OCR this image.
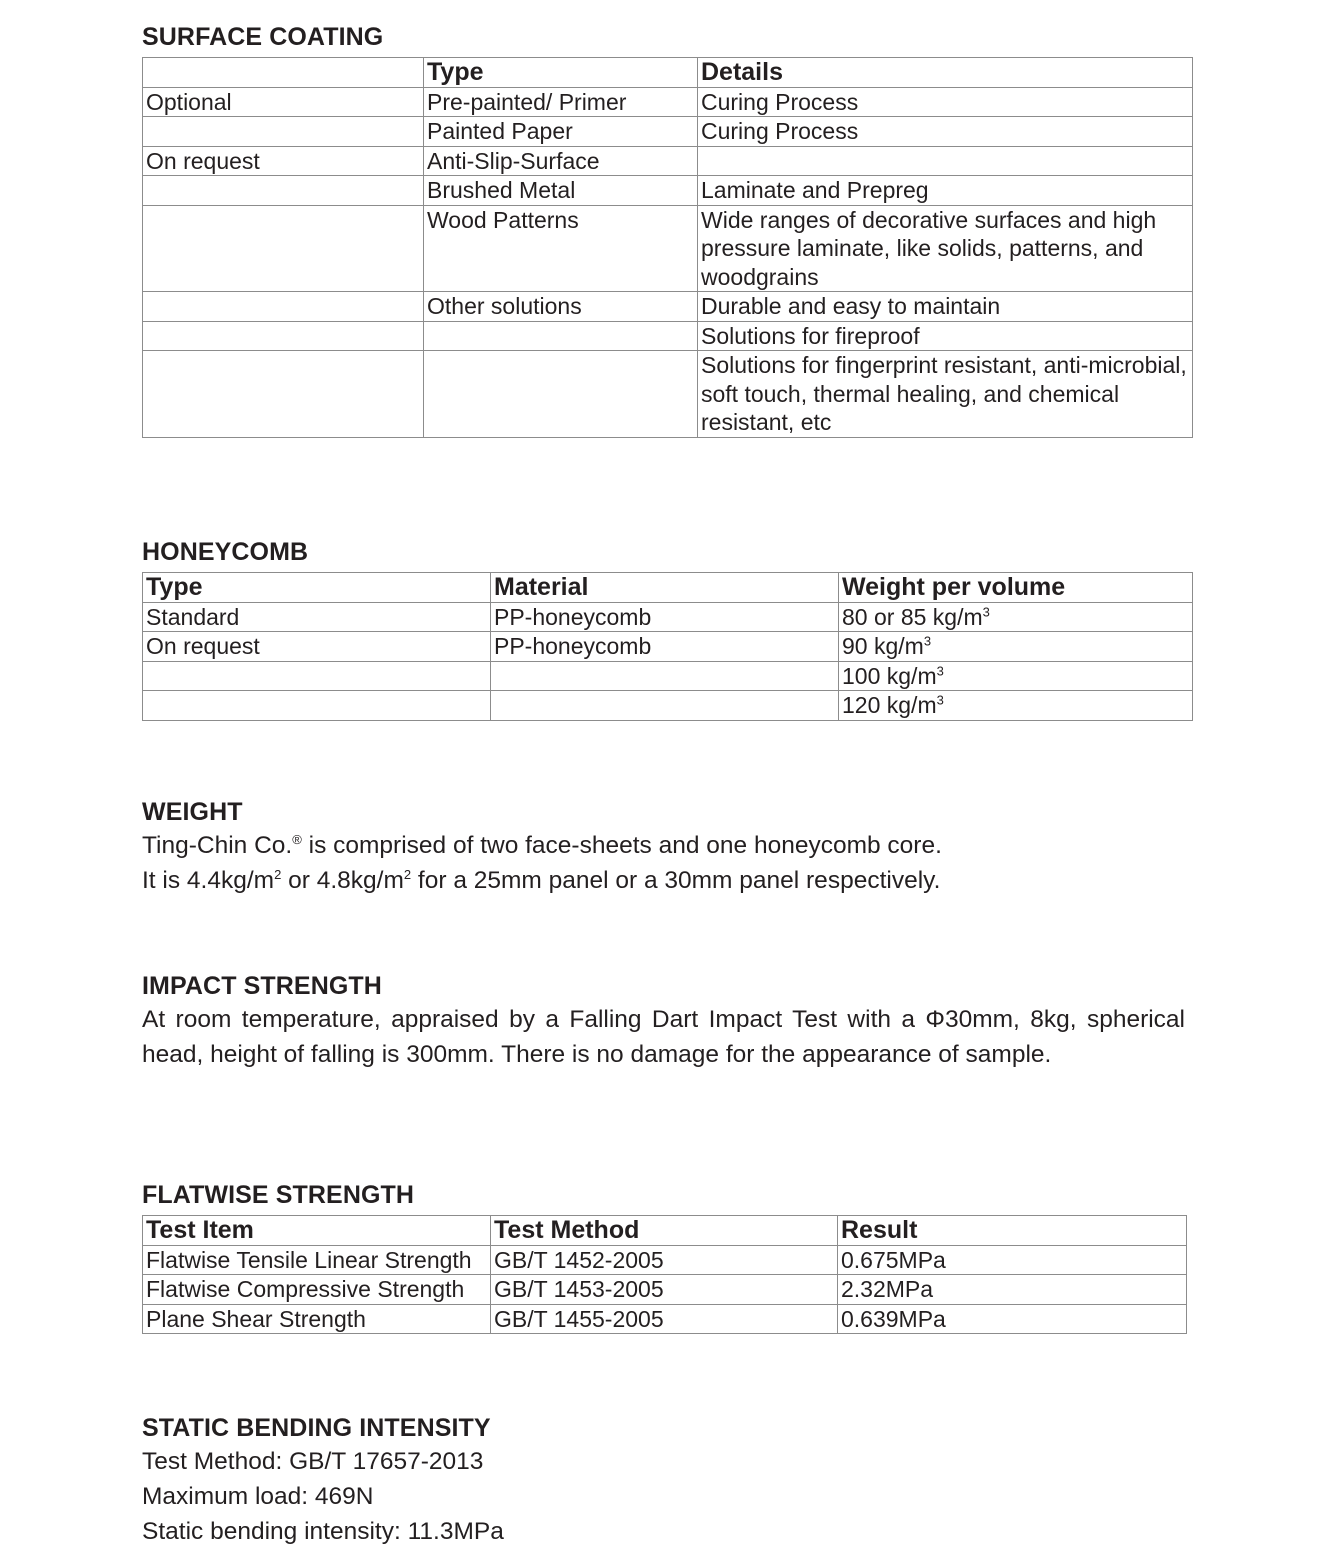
SURFACE COATING
	Type	Details
Optional	Pre-painted/ Primer	Curing Process
	Painted Paper	Curing Process
On request	Anti-Slip-Surface	
	Brushed Metal	Laminate and Prepreg
	Wood Patterns	Wide ranges of decorative surfaces and high pressure laminate, like solids, patterns, and woodgrains
	Other solutions	Durable and easy to maintain
		Solutions for fireproof
		Solutions for fingerprint resistant, anti-microbial, soft touch, thermal healing, and chemical resistant, etc
HONEYCOMB
Type	Material	Weight per volume
Standard	PP-honeycomb	80 or 85 $kg/m^3$
On request	PP-honeycomb	90 $kg/m^3$
		100 $kg/m^3$
		120 $kg/m^3$
WEIGHT

Ting-Chin Co.® is comprised of two face-sheets and one honeycomb core.

It is $4.4kg/m^2$ or $4.8kg/m^2$ for a 25mm panel or a 30mm panel respectively.

IMPACT STRENGTH

At room temperature, appraised by a Falling Dart Impact Test with a Φ30mm, 8kg, spherical head, height of falling is 300mm. There is no damage for the appearance of sample.

FLATWISE STRENGTH
Test Item	Test Method	Result
Flatwise Tensile Linear Strength	GB/T 1452-2005	0.675MPa
Flatwise Compressive Strength	GB/T 1453-2005	2.32MPa
Plane Shear Strength	GB/T 1455-2005	0.639MPa
STATIC BENDING INTENSITY

Test Method: GB/T 17657-2013

Maximum load: 469N

Static bending intensity: 11.3MPa
